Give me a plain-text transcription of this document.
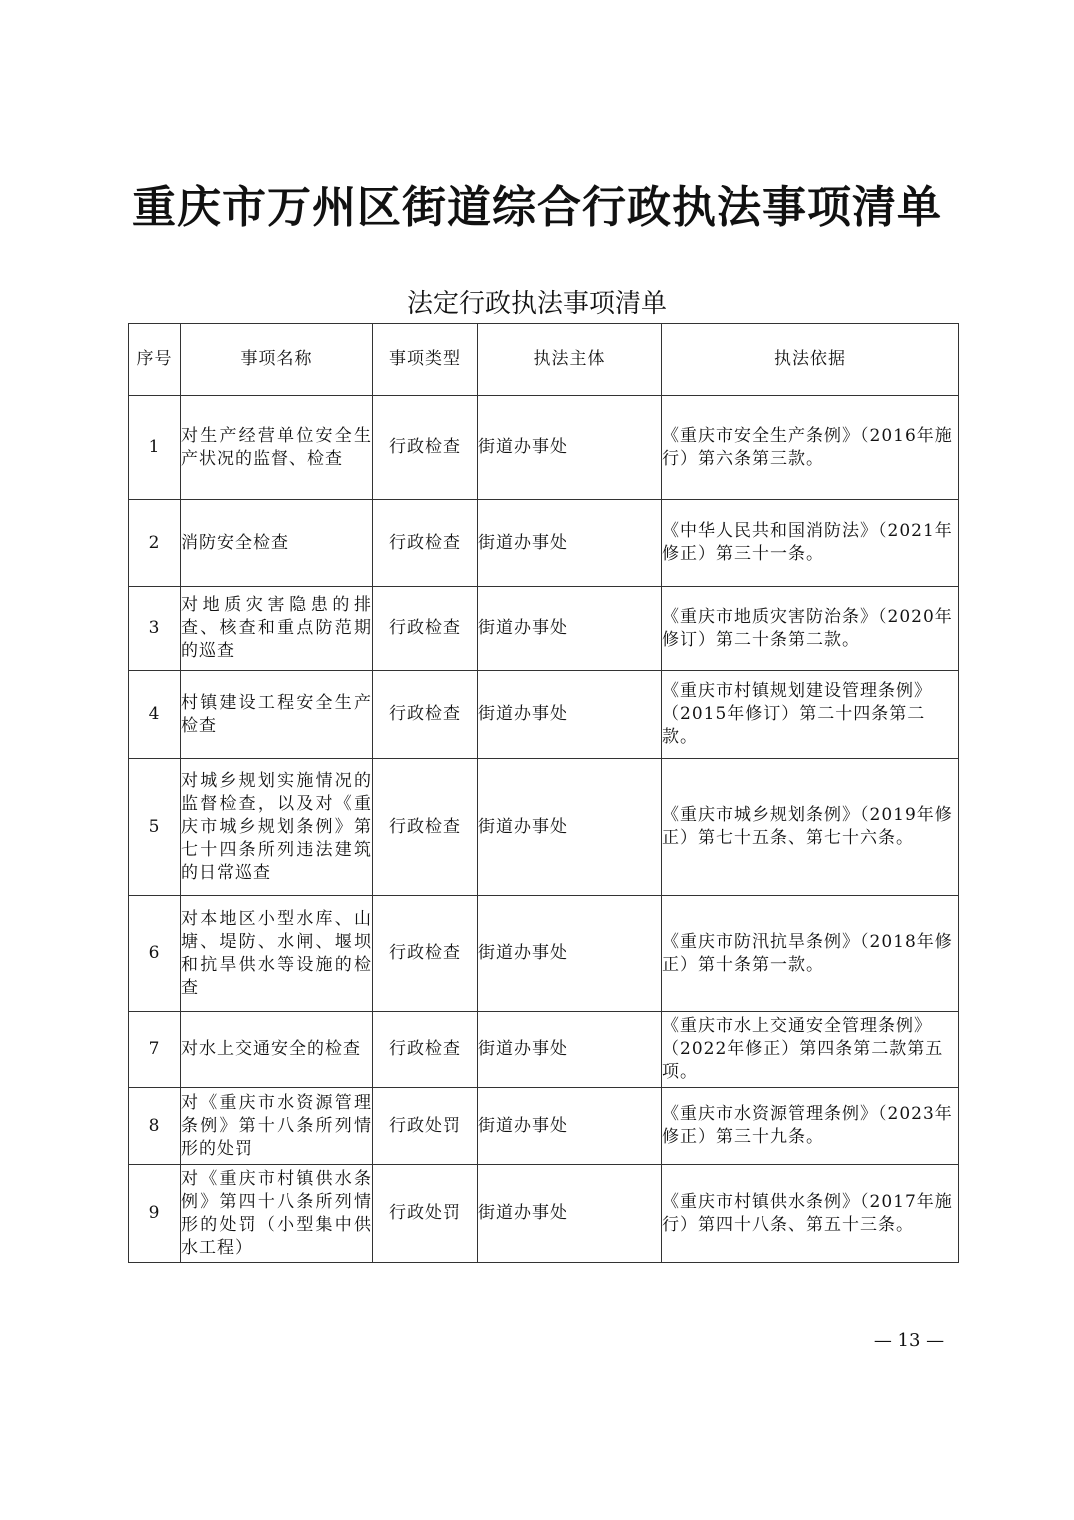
重庆市万州区街道综合行政执法事项清单
法定行政执法事项清单
序号	事项名称	事项类型	执法主体	执法依据
1	对生产经营单位安全生产状况的监督、检查	行政检查	街道办事处	《重庆市安全生产条例》（2016年施行）第六条第三款。
2	消防安全检查	行政检查	街道办事处	《中华人民共和国消防法》（2021年修正）第三十一条。
3	对地质灾害隐患的排查、核查和重点防范期的巡查	行政检查	街道办事处	《重庆市地质灾害防治条》（2020年修订）第二十条第二款。
4	村镇建设工程安全生产检查	行政检查	街道办事处	《重庆市村镇规划建设管理条例》（2015年修订）第二十四条第二款。
5	对城乡规划实施情况的监督检查，以及对《重庆市城乡规划条例》第七十四条所列违法建筑的日常巡查	行政检查	街道办事处	《重庆市城乡规划条例》（2019年修正）第七十五条、第七十六条。
6	对本地区小型水库、山塘、堤防、水闸、堰坝和抗旱供水等设施的检查	行政检查	街道办事处	《重庆市防汛抗旱条例》（2018年修正）第十条第一款。
7	对水上交通安全的检查	行政检查	街道办事处	《重庆市水上交通安全管理条例》（2022年修正）第四条第二款第五项。
8	对《重庆市水资源管理条例》第十八条所列情形的处罚	行政处罚	街道办事处	《重庆市水资源管理条例》（2023年修正）第三十九条。
9	对《重庆市村镇供水条例》第四十八条所列情形的处罚（小型集中供水工程）	行政处罚	街道办事处	《重庆市村镇供水条例》（2017年施行）第四十八条、第五十三条。
— 13 —
